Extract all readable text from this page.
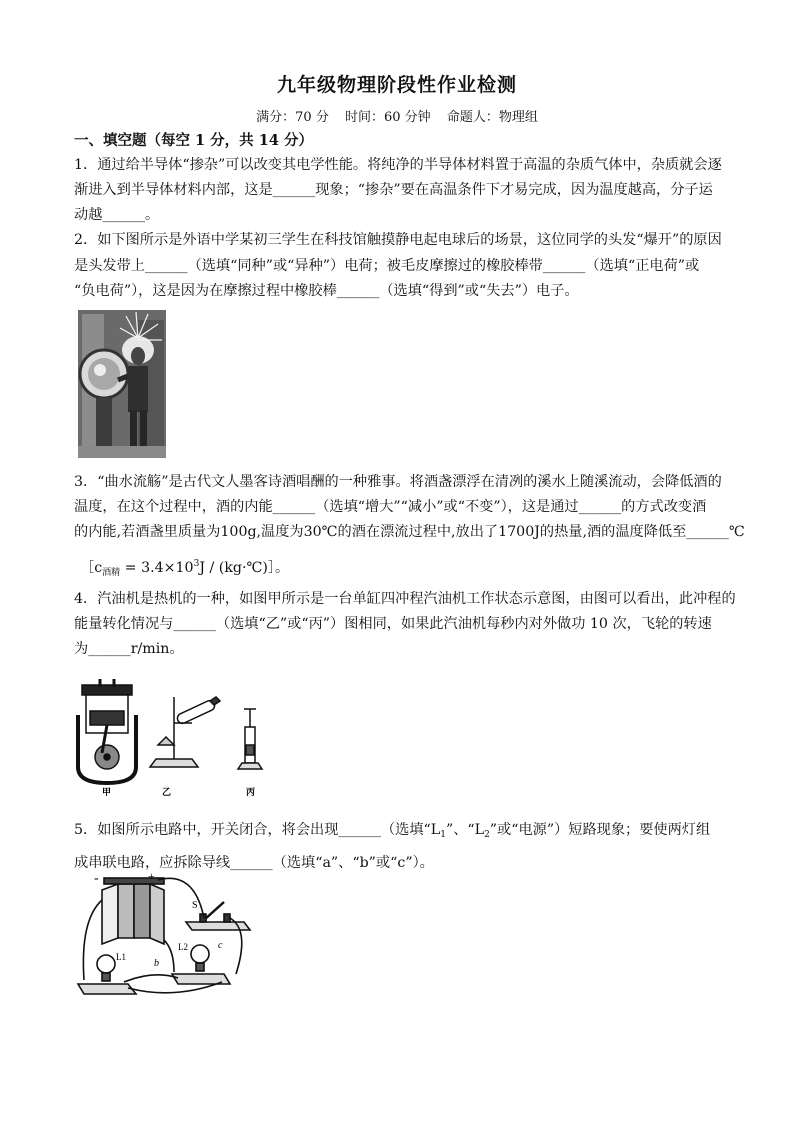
九年级物理阶段性作业检测
满分：70 分 时间：60 分钟 命题人：物理组
一、填空题（每空 1 分，共 14 分）
1．通过给半导体“掺杂”可以改变其电学性能。将纯净的半导体材料置于高温的杂质气体中，杂质就会逐
渐进入到半导体材料内部，这是______现象；“掺杂”要在高温条件下才易完成，因为温度越高，分子运
动越______。
2．如下图所示是外语中学某初三学生在科技馆触摸静电起电球后的场景，这位同学的头发“爆开”的原因
是头发带上______（选填“同种”或“异种”）电荷；被毛皮摩擦过的橡胶棒带______（选填“正电荷”或
“负电荷”），这是因为在摩擦过程中橡胶棒______（选填“得到”或“失去”）电子。
3．“曲水流觞”是古代文人墨客诗酒唱酬的一种雅事。将酒盏漂浮在清冽的溪水上随溪流动，会降低酒的
温度，在这个过程中，酒的内能______（选填“增大”“减小”或“不变”），这是通过______的方式改变酒
的内能,若酒盏里质量为100g,温度为30℃的酒在漂流过程中,放出了1700J的热量,酒的温度降低至______℃
$[c_{酒精} = 3.4\times 10^3J$ / (kg·℃)］。
4．汽油机是热机的一种，如图甲所示是一台单缸四冲程汽油机工作状态示意图，由图可以看出，此冲程的
能量转化情况与______（选填“乙”或“丙”）图相同，如果此汽油机每秒内对外做功 10 次，飞轮的转速
为______r/min。
甲	乙	丙
5．如图所示电路中，开关闭合，将会出现______（选填“$L_1$”、“$L_2$”或“电源”）短路现象；要使两灯组
成串联电路，应拆除导线______（选填“a”、“b”或“c”）。
-	+
S
L1
L2
b
c
